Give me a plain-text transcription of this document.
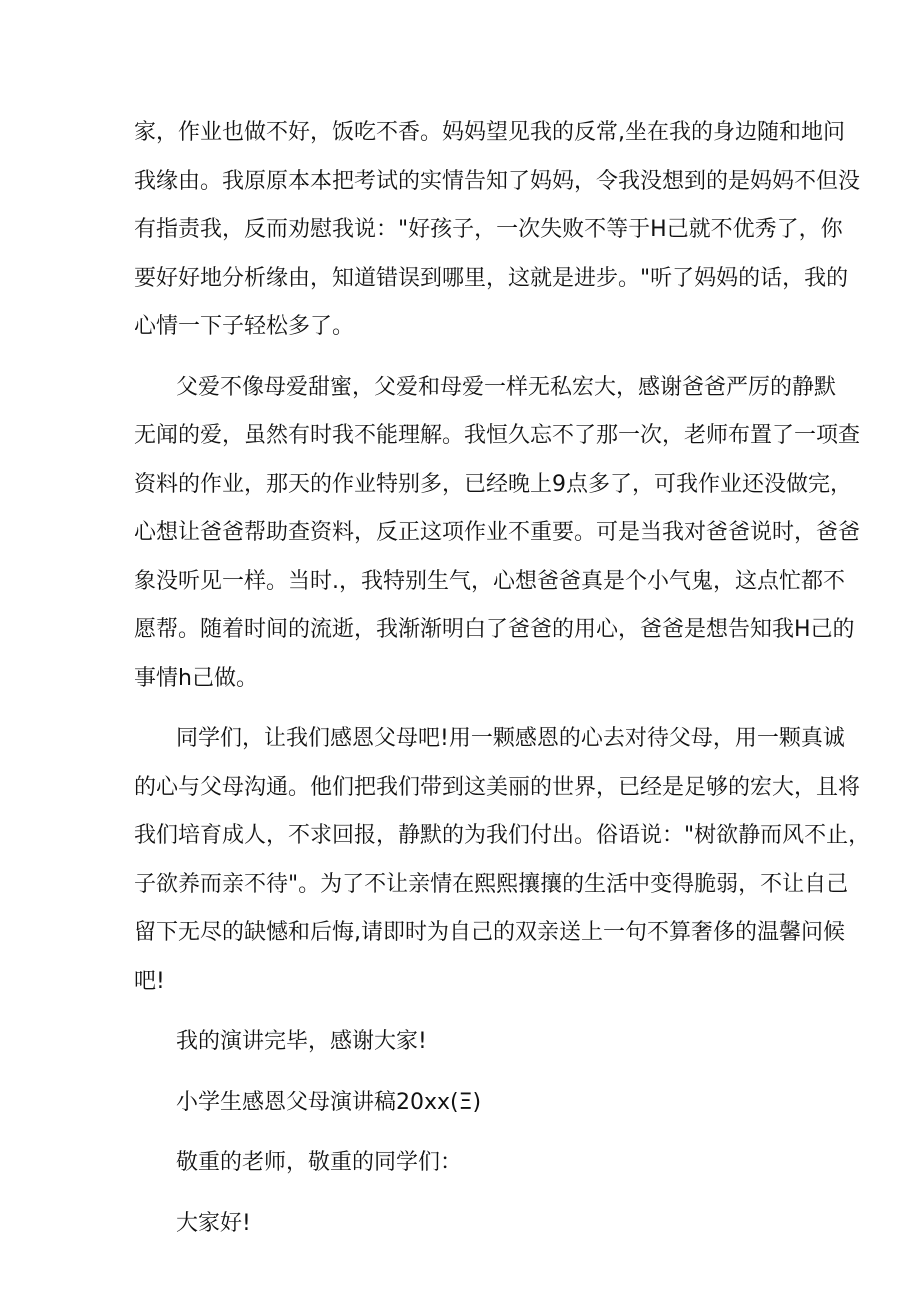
家，作业也做不好，饭吃不香。妈妈望见我的反常,坐在我的身边随和地问
我缘由。我原原本本把考试的实情告知了妈妈，令我没想到的是妈妈不但没
有指责我，反而劝慰我说："好孩子，一次失败不等于H己就不优秀了，你
要好好地分析缘由，知道错误到哪里，这就是进步。"听了妈妈的话，我的
心情一下子轻松多了。
父爱不像母爱甜蜜，父爱和母爱一样无私宏大，感谢爸爸严厉的静默
无闻的爱，虽然有时我不能理解。我恒久忘不了那一次，老师布置了一项查
资料的作业，那天的作业特别多，已经晚上9点多了，可我作业还没做完，
心想让爸爸帮助查资料，反正这项作业不重要。可是当我对爸爸说时，爸爸
象没听见一样。当时.，我特别生气，心想爸爸真是个小气鬼，这点忙都不
愿帮。随着时间的流逝，我渐渐明白了爸爸的用心，爸爸是想告知我H己的
事情h己做。
同学们，让我们感恩父母吧!用一颗感恩的心去对待父母，用一颗真诚
的心与父母沟通。他们把我们带到这美丽的世界，已经是足够的宏大，且将
我们培育成人，不求回报，静默的为我们付出。俗语说："树欲静而风不止，
子欲养而亲不待"。为了不让亲情在熙熙攘攘的生活中变得脆弱，不让自己
留下无尽的缺憾和后悔,请即时为自己的双亲送上一句不算奢侈的温馨问候
吧!

我的演讲完毕，感谢大家!

小学生感恩父母演讲稿20xx(Ξ)

敬重的老师，敬重的同学们：

大家好!
